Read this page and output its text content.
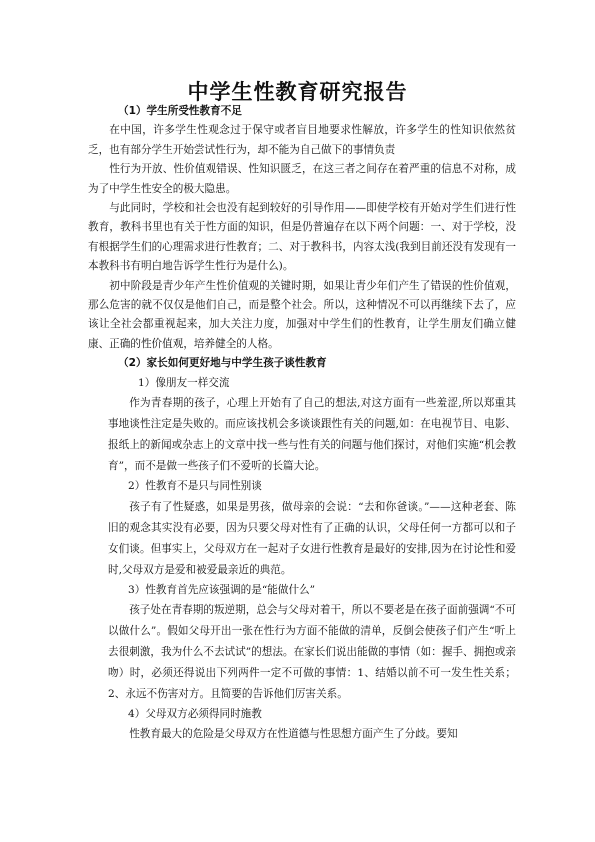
中学生性教育研究报告

（1）学生所受性教育不足

在中国，许多学生性观念过于保守或者盲目地要求性解放，许多学生的性知识依然贫乏，也有部分学生开始尝试性行为，却不能为自己做下的事情负责

性行为开放、性价值观错误、性知识匮乏，在这三者之间存在着严重的信息不对称，成为了中学生性安全的极大隐患。

与此同时，学校和社会也没有起到较好的引导作用——即使学校有开始对学生们进行性教育，教科书里也有关于性方面的知识，但是仍普遍存在以下两个问题：一、对于学校，没有根据学生们的心理需求进行性教育；二、对于教科书，内容太浅(我到目前还没有发现有一本教科书有明白地告诉学生性行为是什么)。

初中阶段是青少年产生性价值观的关键时期，如果让青少年们产生了错误的性价值观，那么危害的就不仅仅是他们自己，而是整个社会。所以，这种情况不可以再继续下去了，应该让全社会都重视起来，加大关注力度，加强对中学生们的性教育，让学生朋友们确立健康、正确的性价值观，培养健全的人格。

（2）家长如何更好地与中学生孩子谈性教育

1）像朋友一样交流

作为青春期的孩子，心理上开始有了自己的想法,对这方面有一些羞涩,所以郑重其事地谈性注定是失败的。而应该找机会多谈谈跟性有关的问题,如：在电视节目、电影、报纸上的新闻或杂志上的文章中找一些与性有关的问题与他们探讨，对他们实施“机会教育”，而不是做一些孩子们不爱听的长篇大论。

2）性教育不是只与同性别谈

孩子有了性疑惑，如果是男孩，做母亲的会说：“去和你爸谈。”——这种老套、陈旧的观念其实没有必要，因为只要父母对性有了正确的认识，父母任何一方都可以和子女们谈。但事实上，父母双方在一起对子女进行性教育是最好的安排,因为在讨论性和爱时,父母双方是爱和被爱最亲近的典范。

3）性教育首先应该强调的是“能做什么”

孩子处在青春期的叛逆期，总会与父母对着干，所以不要老是在孩子面前强调“不可以做什么”。假如父母开出一张在性行为方面不能做的清单，反倒会使孩子们产生“听上去很刺激，我为什么不去试试”的想法。在家长们说出能做的事情（如：握手、拥抱或亲吻）时，必须还得说出下列两件一定不可做的事情：1、结婚以前不可一发生性关系；2、永远不伤害对方。且简要的告诉他们厉害关系。

4）父母双方必须得同时施教

性教育最大的危险是父母双方在性道德与性思想方面产生了分歧。要知
